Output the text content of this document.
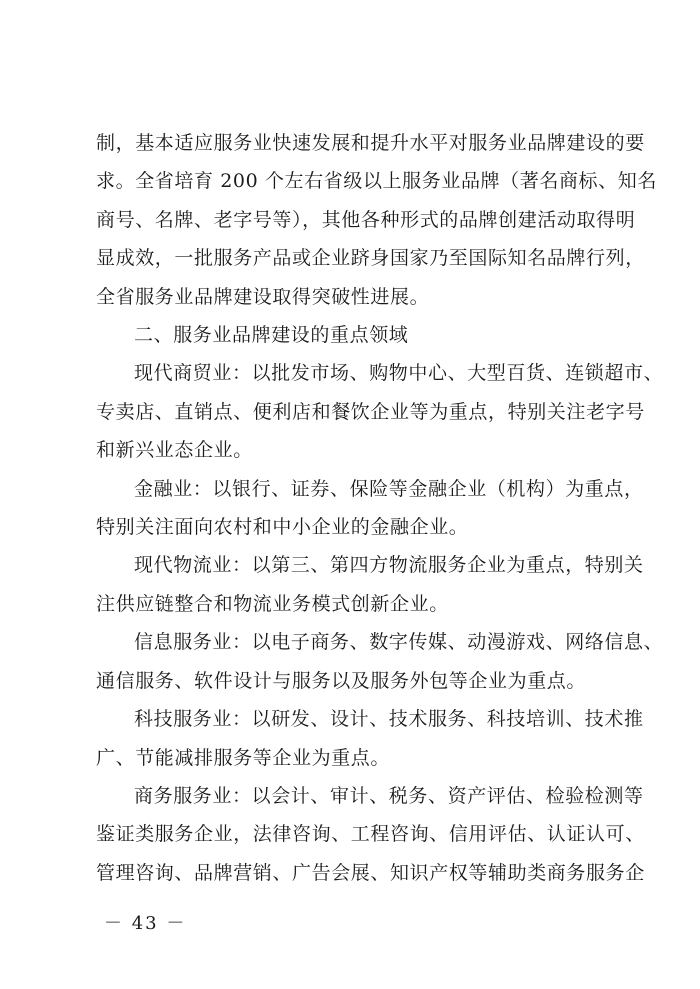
制，基本适应服务业快速发展和提升水平对服务业品牌建设的要
求。全省培育 200 个左右省级以上服务业品牌（著名商标、知名
商号、名牌、老字号等），其他各种形式的品牌创建活动取得明
显成效，一批服务产品或企业跻身国家乃至国际知名品牌行列，
全省服务业品牌建设取得突破性进展。

二、服务业品牌建设的重点领域

现代商贸业：以批发市场、购物中心、大型百货、连锁超市、
专卖店、直销点、便利店和餐饮企业等为重点，特别关注老字号
和新兴业态企业。

金融业：以银行、证券、保险等金融企业（机构）为重点，
特别关注面向农村和中小企业的金融企业。

现代物流业：以第三、第四方物流服务企业为重点，特别关
注供应链整合和物流业务模式创新企业。

信息服务业：以电子商务、数字传媒、动漫游戏、网络信息、
通信服务、软件设计与服务以及服务外包等企业为重点。

科技服务业：以研发、设计、技术服务、科技培训、技术推
广、节能减排服务等企业为重点。

商务服务业：以会计、审计、税务、资产评估、检验检测等
鉴证类服务企业，法律咨询、工程咨询、信用评估、认证认可、
管理咨询、品牌营销、广告会展、知识产权等辅助类商务服务企

－ 43 －
